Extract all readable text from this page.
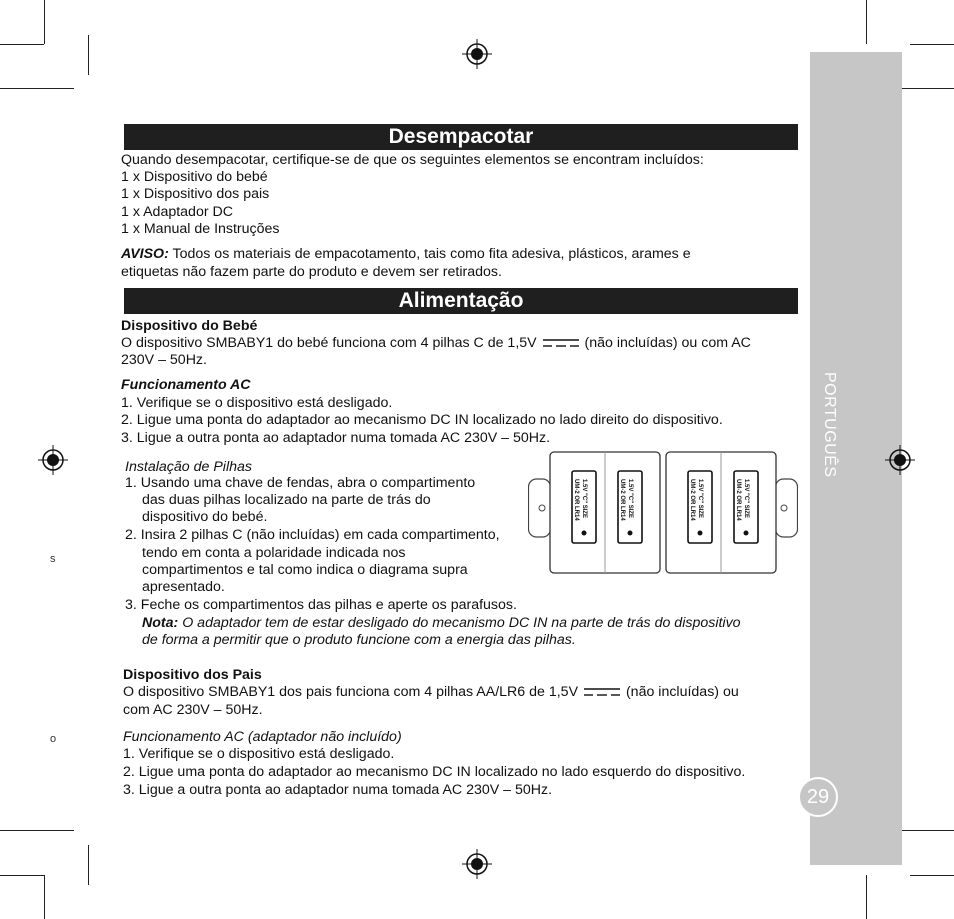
s
o
PORTUGUÊS
29
Desempacotar
Quando desempacotar, certifique-se de que os seguintes elementos se encontram incluídos:
1 x Dispositivo do bebé
1 x Dispositivo dos pais
1 x Adaptador DC
1 x Manual de Instruções
AVISO: Todos os materiais de empacotamento, tais como fita adesiva, plásticos, arames e
etiquetas não fazem parte do produto e devem ser retirados.
Alimentação
Dispositivo do Bebé
O dispositivo SMBABY1 do bebé funciona com 4 pilhas C de 1,5V	(não incluídas) ou com AC
230V – 50Hz.
Funcionamento AC
1. Verifique se o dispositivo está desligado.
2. Ligue uma ponta do adaptador ao mecanismo DC IN localizado no lado direito do dispositivo.
3. Ligue a outra ponta ao adaptador numa tomada AC 230V – 50Hz.
Instalação de Pilhas
1. Usando uma chave de fendas, abra o compartimento
das duas pilhas localizado na parte de trás do
dispositivo do bebé.
2. Insira 2 pilhas C (não incluídas) em cada compartimento,
tendo em conta a polaridade indicada nos
compartimentos e tal como indica o diagrama supra
apresentado.
3. Feche os compartimentos das pilhas e aperte os parafusos.
Nota: O adaptador tem de estar desligado do mecanismo DC IN na parte de trás do dispositivo
de forma a permitir que o produto funcione com a energia das pilhas.
1.5V "C" SIZE
UM-2 OR LR14	1.5V "C" SIZE
UM-2 OR LR14	1.5V "C" SIZE
UM-2 OR LR14	1.5V "C" SIZE
UM-2 OR LR14
Dispositivo dos Pais
O dispositivo SMBABY1 dos pais funciona com 4 pilhas AA/LR6 de 1,5V	(não incluídas) ou
com AC 230V – 50Hz.
Funcionamento AC (adaptador não incluído)
1. Verifique se o dispositivo está desligado.
2. Ligue uma ponta do adaptador ao mecanismo DC IN localizado no lado esquerdo do dispositivo.
3. Ligue a outra ponta ao adaptador numa tomada AC 230V – 50Hz.
